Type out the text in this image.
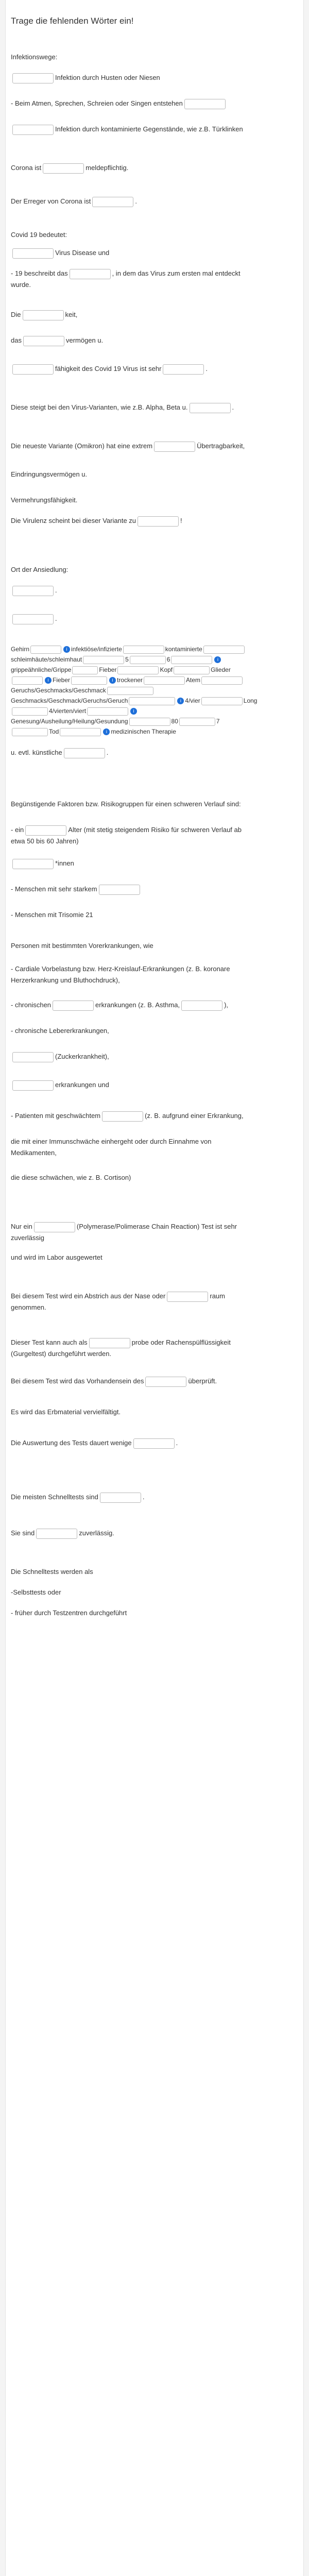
Trage die fehlenden Wörter ein!
Infektionswege:
Infektion durch Husten oder Niesen
- Beim Atmen, Sprechen, Schreien oder Singen entstehen
Infektion durch kontaminierte Gegenstände, wie z.B. Türklinken
Corona ist	meldepflichtig.
Der Erreger von Corona ist	.
Covid 19 bedeutet:
Virus Disease und
- 19 beschreibt das	, in dem das Virus zum ersten mal entdeckt
wurde.
Die	keit,
das	vermögen u.
fähigkeit des Covid 19 Virus ist sehr	.
Diese steigt bei den Virus-Varianten, wie z.B. Alpha, Beta u.	.
Die neueste Variante (Omikron) hat eine extrem	Übertragbarkeit,
Eindringungsvermögen u.
Vermehrungsfähigkeit.
Die Virulenz scheint bei dieser Variante zu	!
Ort der Ansiedlung:
.
.
Gehirn	i infektiöse/infizierte	kontaminierte
schleimhäute/schleimhaut	5	6	i
grippeähnliche/Grippe	Fieber	Kopf	Glieder
i Fieber	i trockener	Atem
Geruchs/Geschmacks/Geschmack
Geschmacks/Geschmack/Geruchs/Geruch	i 4/vier	Long
4/vierten/viert	i
Genesung/Ausheilung/Heilung/Gesundung	80	7
Tod	i medizinischen Therapie
u. evtl. künstliche	.
Begünstigende Faktoren bzw. Risikogruppen für einen schweren Verlauf sind:
- ein	Alter (mit stetig steigendem Risiko für schweren Verlauf ab
etwa 50 bis 60 Jahren)
*innen
- Menschen mit sehr starkem
- Menschen mit Trisomie 21
Personen mit bestimmten Vorerkrankungen, wie
- Cardiale Vorbelastung bzw. Herz-Kreislauf-Erkrankungen (z. B. koronare
Herzerkrankung und Bluthochdruck),
- chronischen	erkrankungen (z. B. Asthma,	),
- chronische Lebererkrankungen,
(Zuckerkrankheit),
erkrankungen und
- Patienten mit geschwächtem	(z. B. aufgrund einer Erkrankung,
die mit einer Immunschwäche einhergeht oder durch Einnahme von
Medikamenten,
die diese schwächen, wie z. B. Cortison)
Nur ein	(Polymerase/Polimerase Chain Reaction) Test ist sehr
zuverlässig
und wird im Labor ausgewertet
Bei diesem Test wird ein Abstrich aus der Nase oder	raum
genommen.
Dieser Test kann auch als	probe oder Rachenspülflüssigkeit
(Gurgeltest) durchgeführt werden.
Bei diesem Test wird das Vorhandensein des	überprüft.
Es wird das Erbmaterial vervielfältigt.
Die Auswertung des Tests dauert wenige	.
Die meisten Schnelltests sind	.
Sie sind	zuverlässig.
Die Schnelltests werden als
-Selbsttests oder
- früher durch Testzentren durchgeführt
